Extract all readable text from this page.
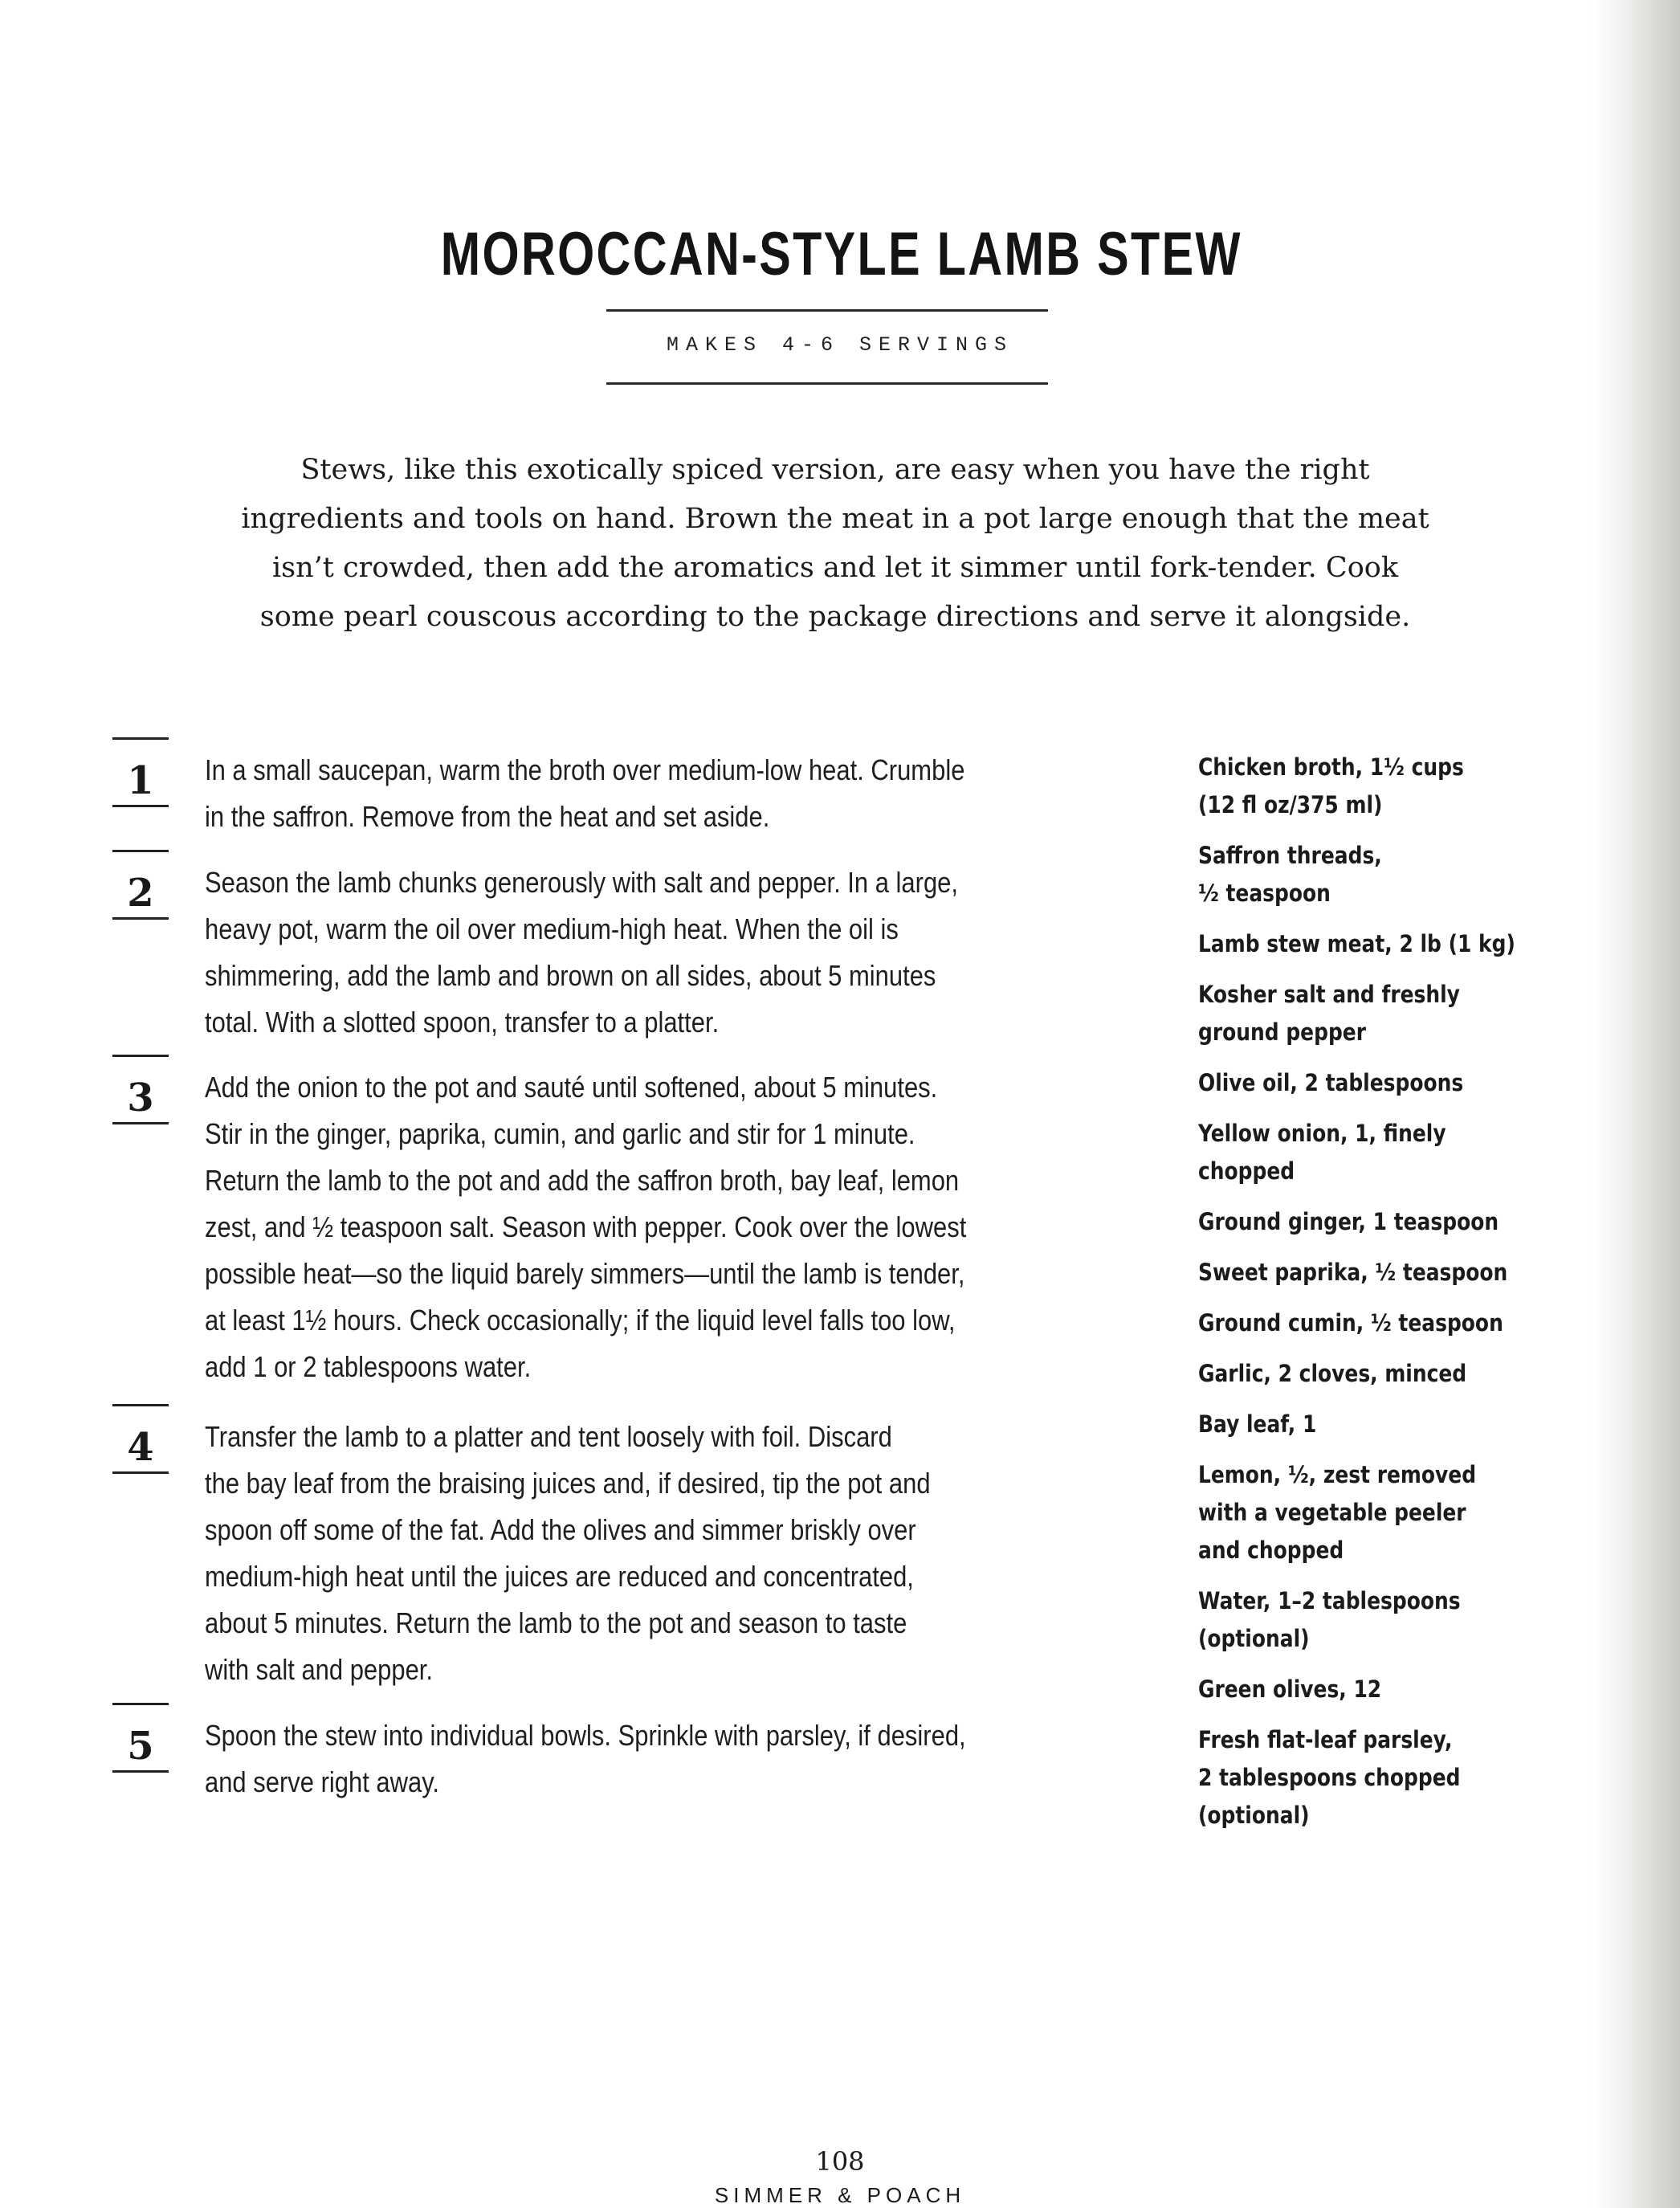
MOROCCAN-STYLE LAMB STEW
MAKES 4-6 SERVINGS
Stews, like this exotically spiced version, are easy when you have the right
ingredients and tools on hand. Brown the meat in a pot large enough that the meat
isn’t crowded, then add the aromatics and let it simmer until fork-tender. Cook
some pearl couscous according to the package directions and serve it alongside.
1	In a small saucepan, warm the broth over medium-low heat. Crumble
in the saffron. Remove from the heat and set aside.
2	Season the lamb chunks generously with salt and pepper. In a large,
heavy pot, warm the oil over medium-high heat. When the oil is
shimmering, add the lamb and brown on all sides, about 5 minutes
total. With a slotted spoon, transfer to a platter.
3	Add the onion to the pot and sauté until softened, about 5 minutes.
Stir in the ginger, paprika, cumin, and garlic and stir for 1 minute.
Return the lamb to the pot and add the saffron broth, bay leaf, lemon
zest, and ½ teaspoon salt. Season with pepper. Cook over the lowest
possible heat—so the liquid barely simmers—until the lamb is tender,
at least 1½ hours. Check occasionally; if the liquid level falls too low,
add 1 or 2 tablespoons water.
4	Transfer the lamb to a platter and tent loosely with foil. Discard
the bay leaf from the braising juices and, if desired, tip the pot and
spoon off some of the fat. Add the olives and simmer briskly over
medium-high heat until the juices are reduced and concentrated,
about 5 minutes. Return the lamb to the pot and season to taste
with salt and pepper.
5	Spoon the stew into individual bowls. Sprinkle with parsley, if desired,
and serve right away.
Chicken broth, 1½ cups
(12 fl oz/375 ml)
Saffron threads,
½ teaspoon
Lamb stew meat, 2 lb (1 kg)
Kosher salt and freshly
ground pepper
Olive oil, 2 tablespoons
Yellow onion, 1, finely
chopped
Ground ginger, 1 teaspoon
Sweet paprika, ½ teaspoon
Ground cumin, ½ teaspoon
Garlic, 2 cloves, minced
Bay leaf, 1
Lemon, ½, zest removed
with a vegetable peeler
and chopped
Water, 1–2 tablespoons
(optional)
Green olives, 12
Fresh flat-leaf parsley,
2 tablespoons chopped
(optional)
108
SIMMER & POACH
